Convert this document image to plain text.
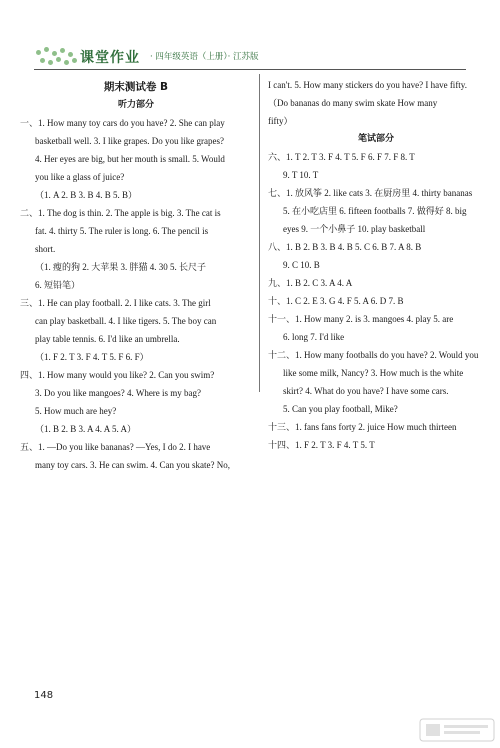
课堂作业 · 四年级英语（上册）· 江苏版
期末测试卷 B
听力部分
一、1. How many toy cars do you have? 2. She can play
basketball well. 3. I like grapes. Do you like grapes?
4. Her eyes are big, but her mouth is small. 5. Would
you like a glass of juice?
（1. A 2. B 3. B 4. B 5. B）
二、1. The dog is thin. 2. The apple is big. 3. The cat is
fat. 4. thirty 5. The ruler is long. 6. The pencil is
short.
（1. 瘦的狗 2. 大苹果 3. 胖猫 4. 30 5. 长尺子
6. 短铅笔）
三、1. He can play football. 2. I like cats. 3. The girl
can play basketball. 4. I like tigers. 5. The boy can
play table tennis. 6. I'd like an umbrella.
（1. F 2. T 3. F 4. T 5. F 6. F）
四、1. How many would you like? 2. Can you swim?
3. Do you like mangoes? 4. Where is my bag?
5. How much are hey?
（1. B 2. B 3. A 4. A 5. A）
五、1. —Do you like bananas? —Yes, I do 2. I have
many toy cars. 3. He can swim. 4. Can you skate? No,
I can't. 5. How many stickers do you have? I have fifty.
（Do bananas do many swim skate How many
fifty）
笔试部分
六、1. T 2. T 3. F 4. T 5. F 6. F 7. F 8. T
9. T 10. T
七、1. 放风筝 2. like cats 3. 在厨房里 4. thirty bananas
5. 在小吃店里 6. fifteen footballs 7. 做得好 8. big
eyes 9. 一个小鼻子 10. play basketball
八、1. B 2. B 3. B 4. B 5. C 6. B 7. A 8. B
9. C 10. B
九、1. B 2. C 3. A 4. A
十、1. C 2. E 3. G 4. F 5. A 6. D 7. B
十一、1. How many 2. is 3. mangoes 4. play 5. are
6. long 7. I'd like
十二、1. How many footballs do you have? 2. Would you
like some milk, Nancy? 3. How much is the white
skirt? 4. What do you have? I have some cars.
5. Can you play football, Mike?
十三、1. fans fans forty 2. juice How much thirteen
十四、1. F 2. T 3. F 4. T 5. T
148
